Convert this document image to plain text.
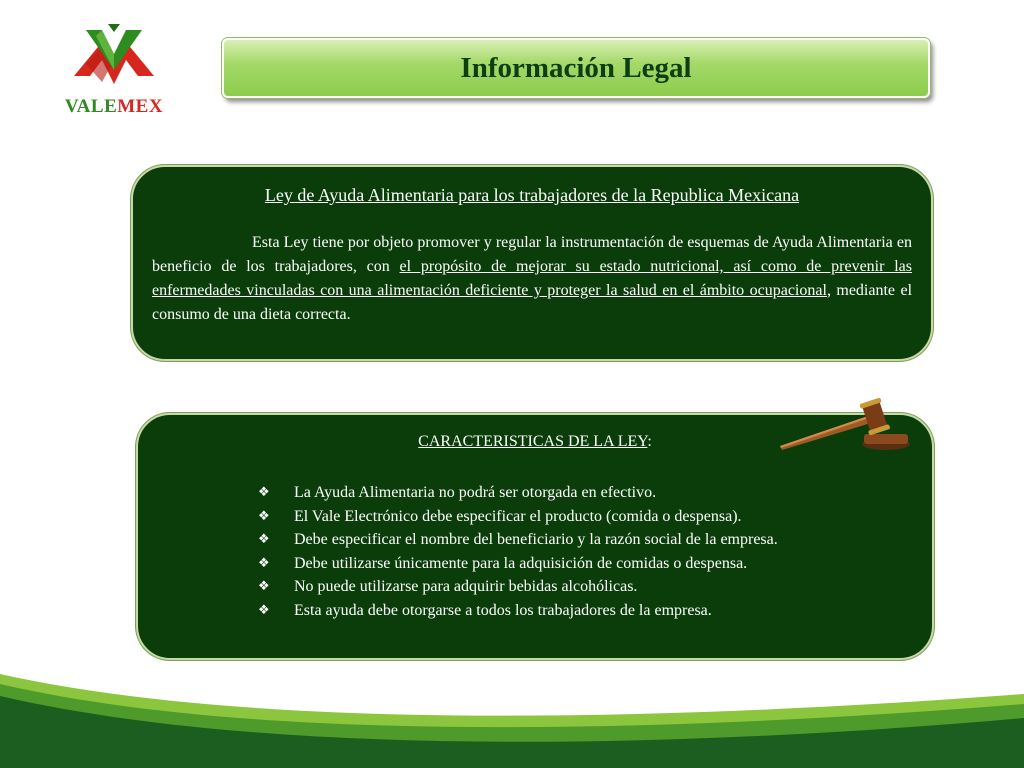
VALEMEX
Información Legal
Ley de Ayuda Alimentaria para los trabajadores de la Republica Mexicana
Esta Ley tiene por objeto promover y regular la instrumentación de esquemas de Ayuda Alimentaria en beneficio de los trabajadores, con el propósito de mejorar su estado nutricional, así como de prevenir las enfermedades vinculadas con una alimentación deficiente y proteger la salud en el ámbito ocupacional, mediante el consumo de una dieta correcta.
CARACTERISTICAS DE LA LEY:
❖	La Ayuda Alimentaria no podrá ser otorgada en efectivo.
❖	El Vale Electrónico debe especificar el producto (comida o despensa).
❖	Debe especificar el nombre del beneficiario y la razón social de la empresa.
❖	Debe utilizarse únicamente para la adquisición de comidas o despensa.
❖	No puede utilizarse para adquirir bebidas alcohólicas.
❖	Esta ayuda debe otorgarse a todos los trabajadores de la empresa.
